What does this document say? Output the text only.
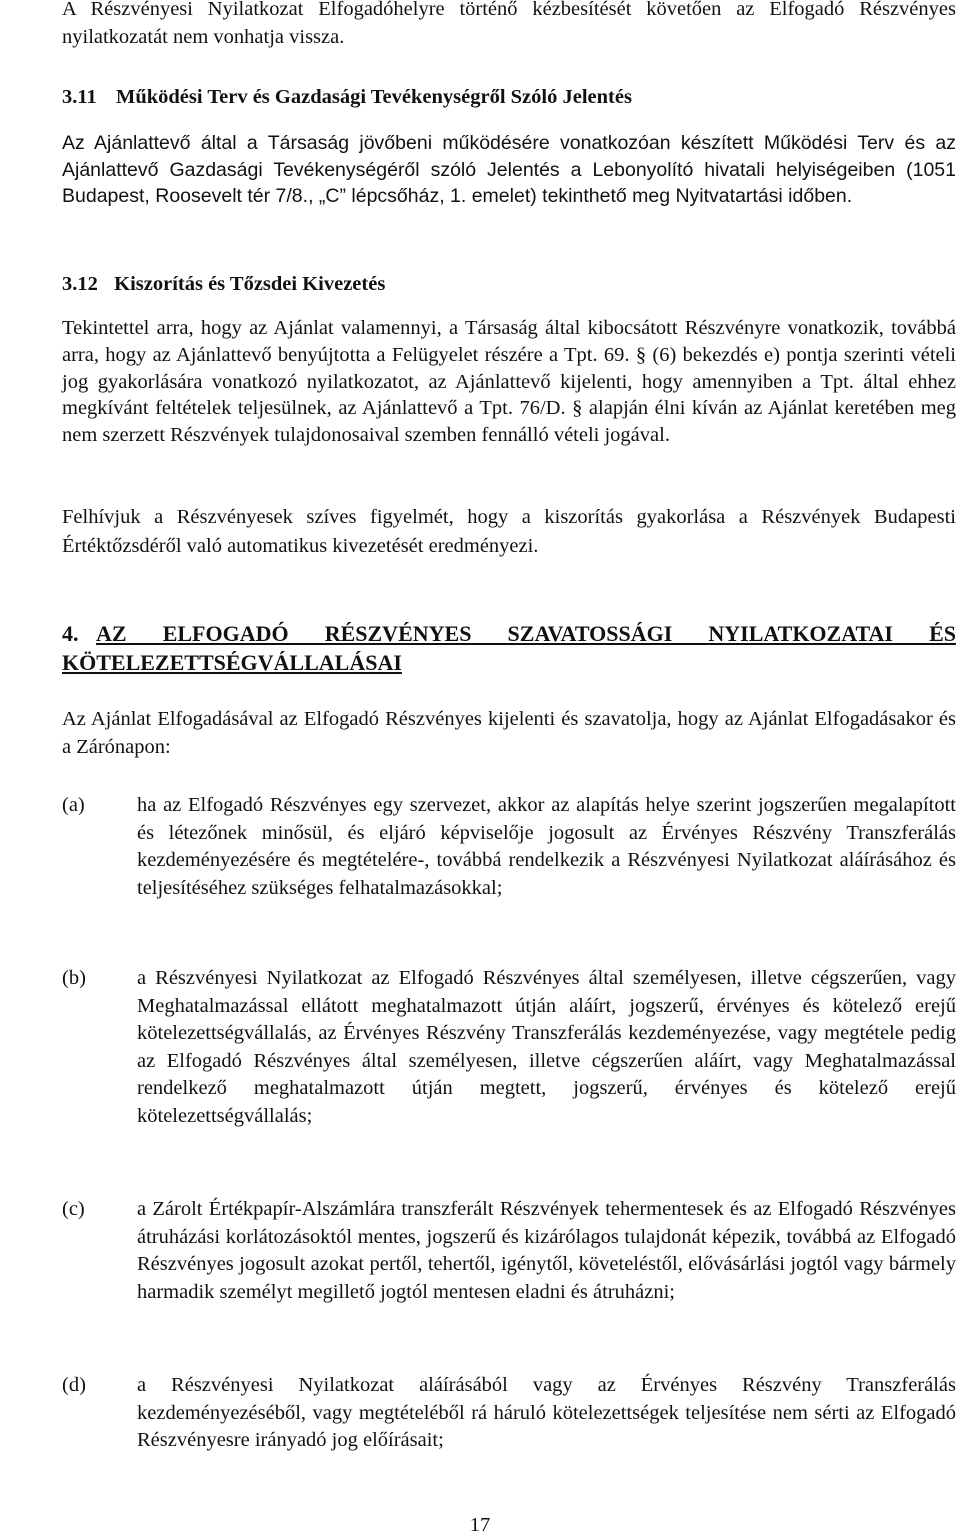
A Részvényesi Nyilatkozat Elfogadóhelyre történő kézbesítését követően az Elfogadó Részvényes nyilatkozatát nem vonhatja vissza.

3.11 Működési Terv és Gazdasági Tevékenységről Szóló Jelentés

Az Ajánlattevő által a Társaság jövőbeni működésére vonatkozóan készített Működési Terv és az Ajánlattevő Gazdasági Tevékenységéről szóló Jelentés a Lebonyolító hivatali helyiségeiben (1051 Budapest, Roosevelt tér 7/8., „C” lépcsőház, 1. emelet) tekinthető meg Nyitvatartási időben.

3.12 Kiszorítás és Tőzsdei Kivezetés

Tekintettel arra, hogy az Ajánlat valamennyi, a Társaság által kibocsátott Részvényre vonatkozik, továbbá arra, hogy az Ajánlattevő benyújtotta a Felügyelet részére a Tpt. 69. § (6) bekezdés e) pontja szerinti vételi jog gyakorlására vonatkozó nyilatkozatot, az Ajánlattevő kijelenti, hogy amennyiben a Tpt. által ehhez megkívánt feltételek teljesülnek, az Ajánlattevő a Tpt. 76/D. § alapján élni kíván az Ajánlat keretében meg nem szerzett Részvények tulajdonosaival szemben fennálló vételi jogával.

Felhívjuk a Részvényesek szíves figyelmét, hogy a kiszorítás gyakorlása a Részvények Budapesti Értéktőzsdéről való automatikus kivezetését eredményezi.

4. AZ ELFOGADÓ RÉSZVÉNYES SZAVATOSSÁGI NYILATKOZATAI ÉS

KÖTELEZETTSÉGVÁLLALÁSAI

Az Ajánlat Elfogadásával az Elfogadó Részvényes kijelenti és szavatolja, hogy az Ajánlat Elfogadásakor és a Zárónapon:

(a)	ha az Elfogadó Részvényes egy szervezet, akkor az alapítás helye szerint jogszerűen megalapított és létezőnek minősül, és eljáró képviselője jogosult az Érvényes Részvény Transzferálás kezdeményezésére és megtételére-, továbbá rendelkezik a Részvényesi Nyilatkozat aláírásához és teljesítéséhez szükséges felhatalmazásokkal;
(b) a Részvényesi Nyilatkozat az Elfogadó Részvényes által személyesen, illetve cégszerűen, vagy Meghatalmazással ellátott meghatalmazott útján aláírt, jogszerű, érvényes és kötelező erejű kötelezettségvállalás, az Érvényes Részvény Transzferálás kezdeményezése, vagy megtétele pedig az Elfogadó Részvényes által személyesen, illetve cégszerűen aláírt, vagy Meghatalmazással rendelkező meghatalmazott útján megtett, jogszerű, érvényes és kötelező erejű kötelezettségvállalás;
(c)	a Zárolt Értékpapír-Alszámlára transzferált Részvények tehermentesek és az Elfogadó Részvényes átruházási korlátozásoktól mentes, jogszerű és kizárólagos tulajdonát képezik, továbbá az Elfogadó Részvényes jogosult azokat pertől, tehertől, igénytől, követeléstől, elővásárlási jogtól vagy bármely harmadik személyt megillető jogtól mentesen eladni és átruházni;
(d) a Részvényesi Nyilatkozat aláírásából vagy az Érvényes Részvény Transzferálás kezdeményezéséből, vagy megtételéből rá háruló kötelezettségek teljesítése nem sérti az Elfogadó Részvényesre irányadó jog előírásait;

17
